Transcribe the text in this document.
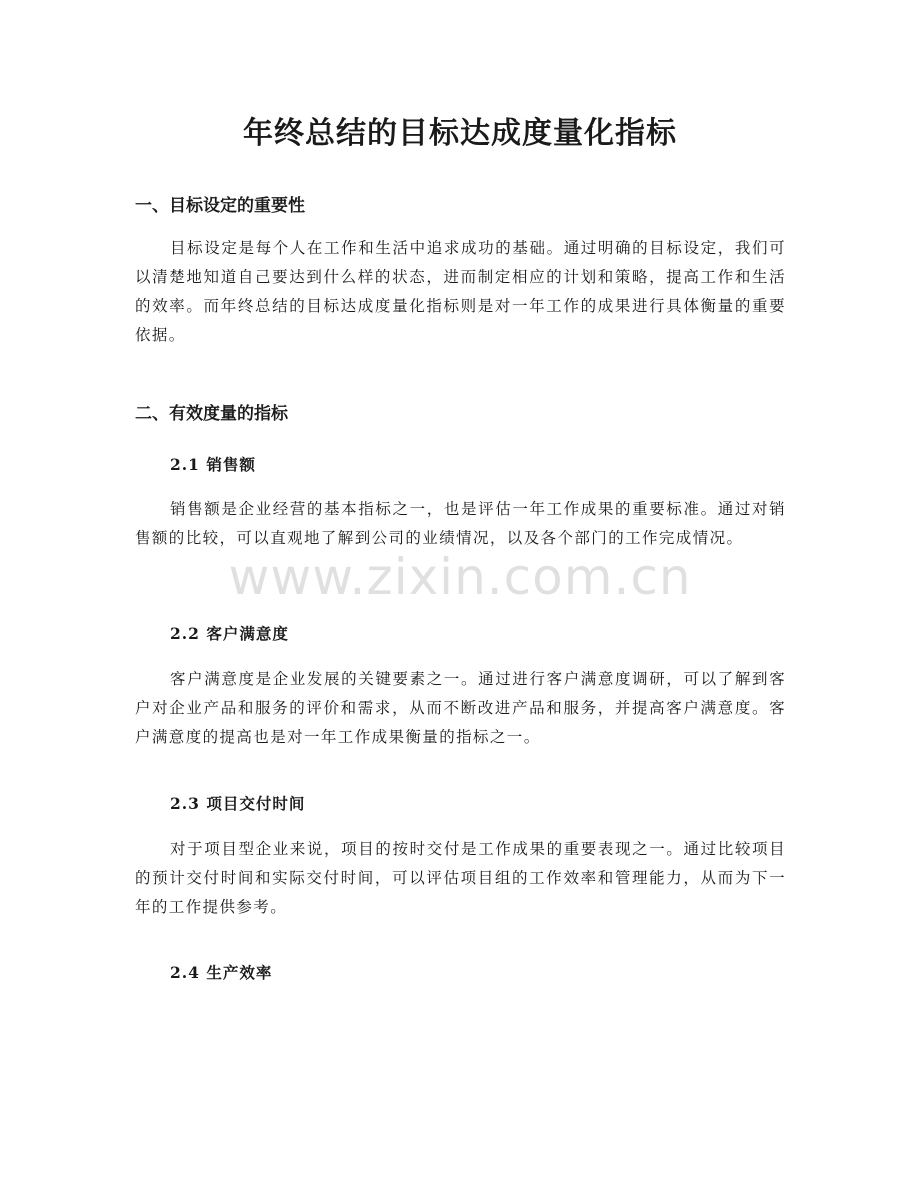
年终总结的目标达成度量化指标
一、目标设定的重要性

目标设定是每个人在工作和生活中追求成功的基础。通过明确的目标设定，我们可以清楚地知道自己要达到什么样的状态，进而制定相应的计划和策略，提高工作和生活的效率。而年终总结的目标达成度量化指标则是对一年工作的成果进行具体衡量的重要依据。

二、有效度量的指标
2.1 销售额

销售额是企业经营的基本指标之一，也是评估一年工作成果的重要标准。通过对销售额的比较，可以直观地了解到公司的业绩情况，以及各个部门的工作完成情况。

2.2 客户满意度

客户满意度是企业发展的关键要素之一。通过进行客户满意度调研，可以了解到客户对企业产品和服务的评价和需求，从而不断改进产品和服务，并提高客户满意度。客户满意度的提高也是对一年工作成果衡量的指标之一。

2.3 项目交付时间

对于项目型企业来说，项目的按时交付是工作成果的重要表现之一。通过比较项目的预计交付时间和实际交付时间，可以评估项目组的工作效率和管理能力，从而为下一年的工作提供参考。

2.4 生产效率
www.zixin.com.cn
